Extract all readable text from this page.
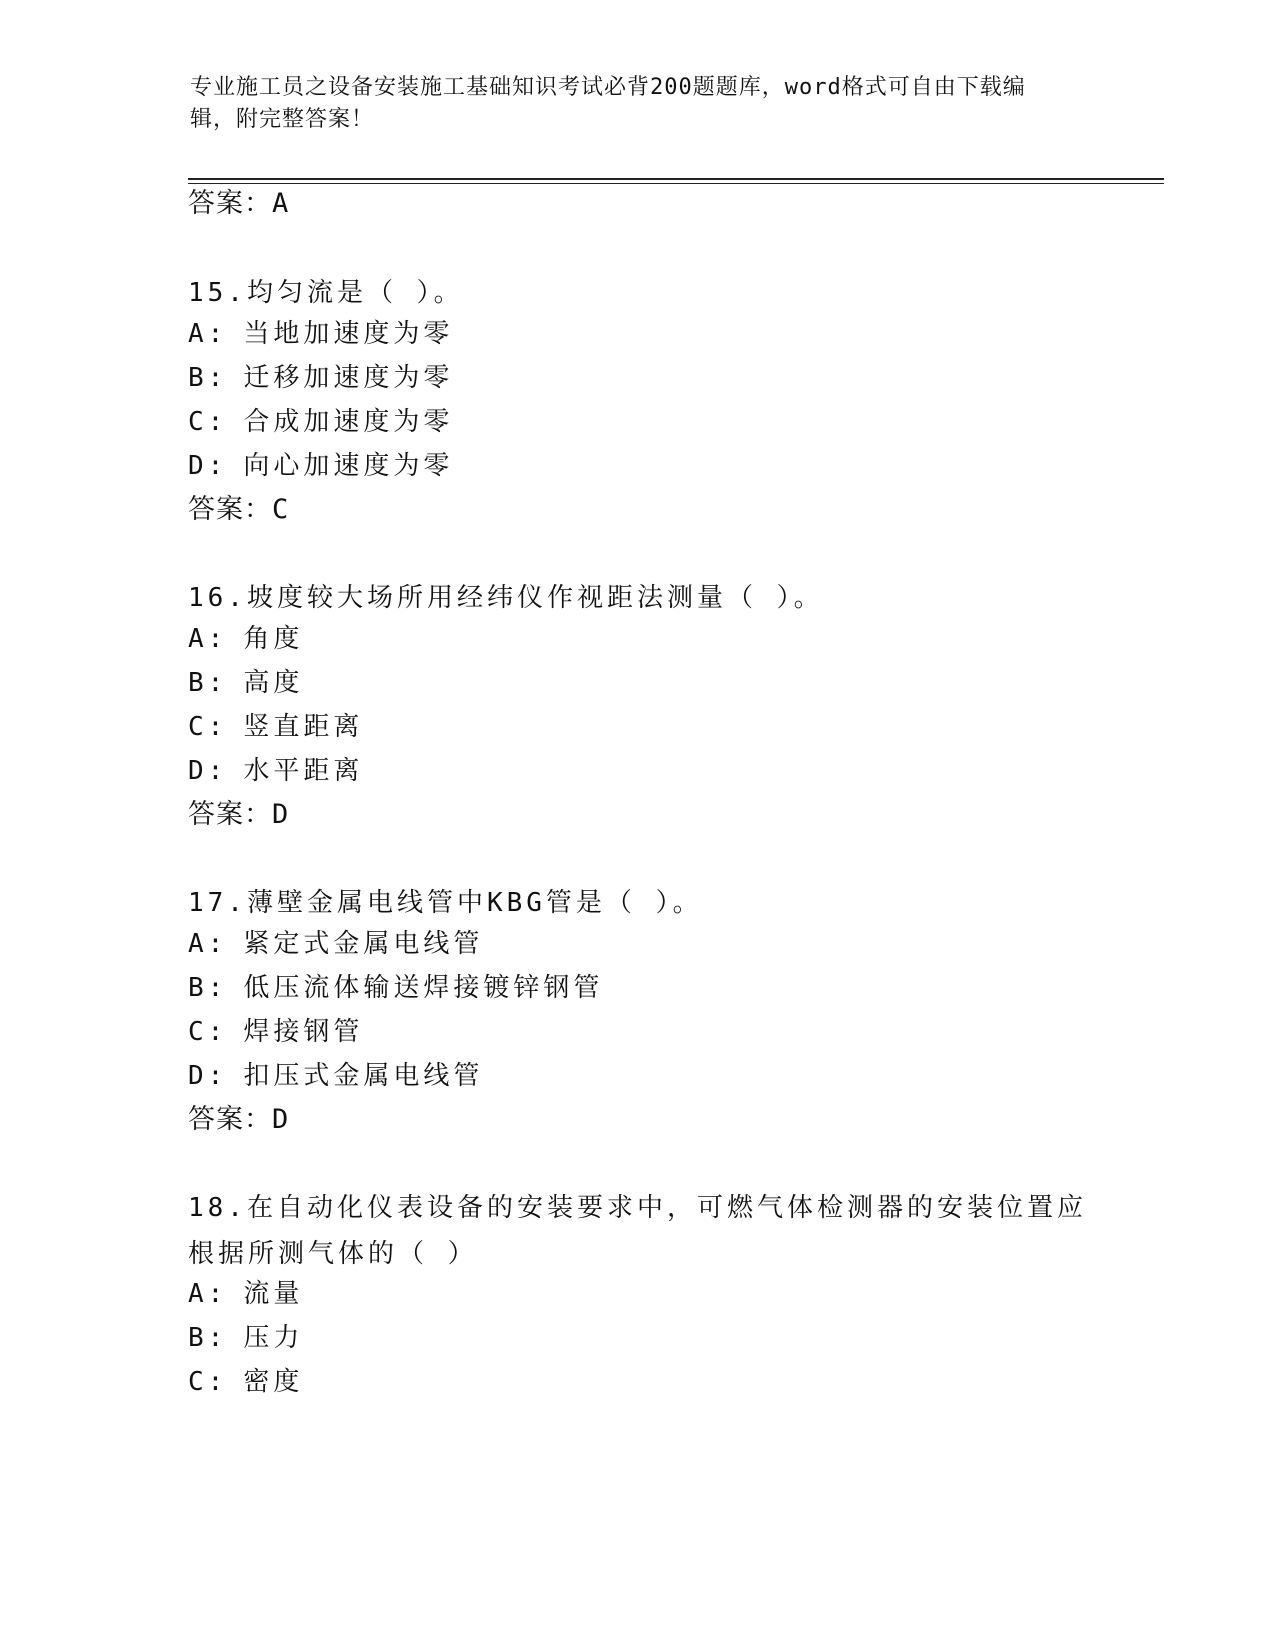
专业施工员之设备安装施工基础知识考试必背200题题库，word格式可自由下载编辑，附完整答案！
答案：A
15.均匀流是（ ）。
A: 当地加速度为零
B: 迁移加速度为零
C: 合成加速度为零
D: 向心加速度为零
答案：C
16.坡度较大场所用经纬仪作视距法测量（ ）。
A: 角度
B: 高度
C: 竖直距离
D: 水平距离
答案：D
17.薄壁金属电线管中KBG管是（ ）。
A: 紧定式金属电线管
B: 低压流体输送焊接镀锌钢管
C: 焊接钢管
D: 扣压式金属电线管
答案：D
18.在自动化仪表设备的安装要求中，可燃气体检测器的安装位置应根据所测气体的（ ）
A: 流量
B: 压力
C: 密度
